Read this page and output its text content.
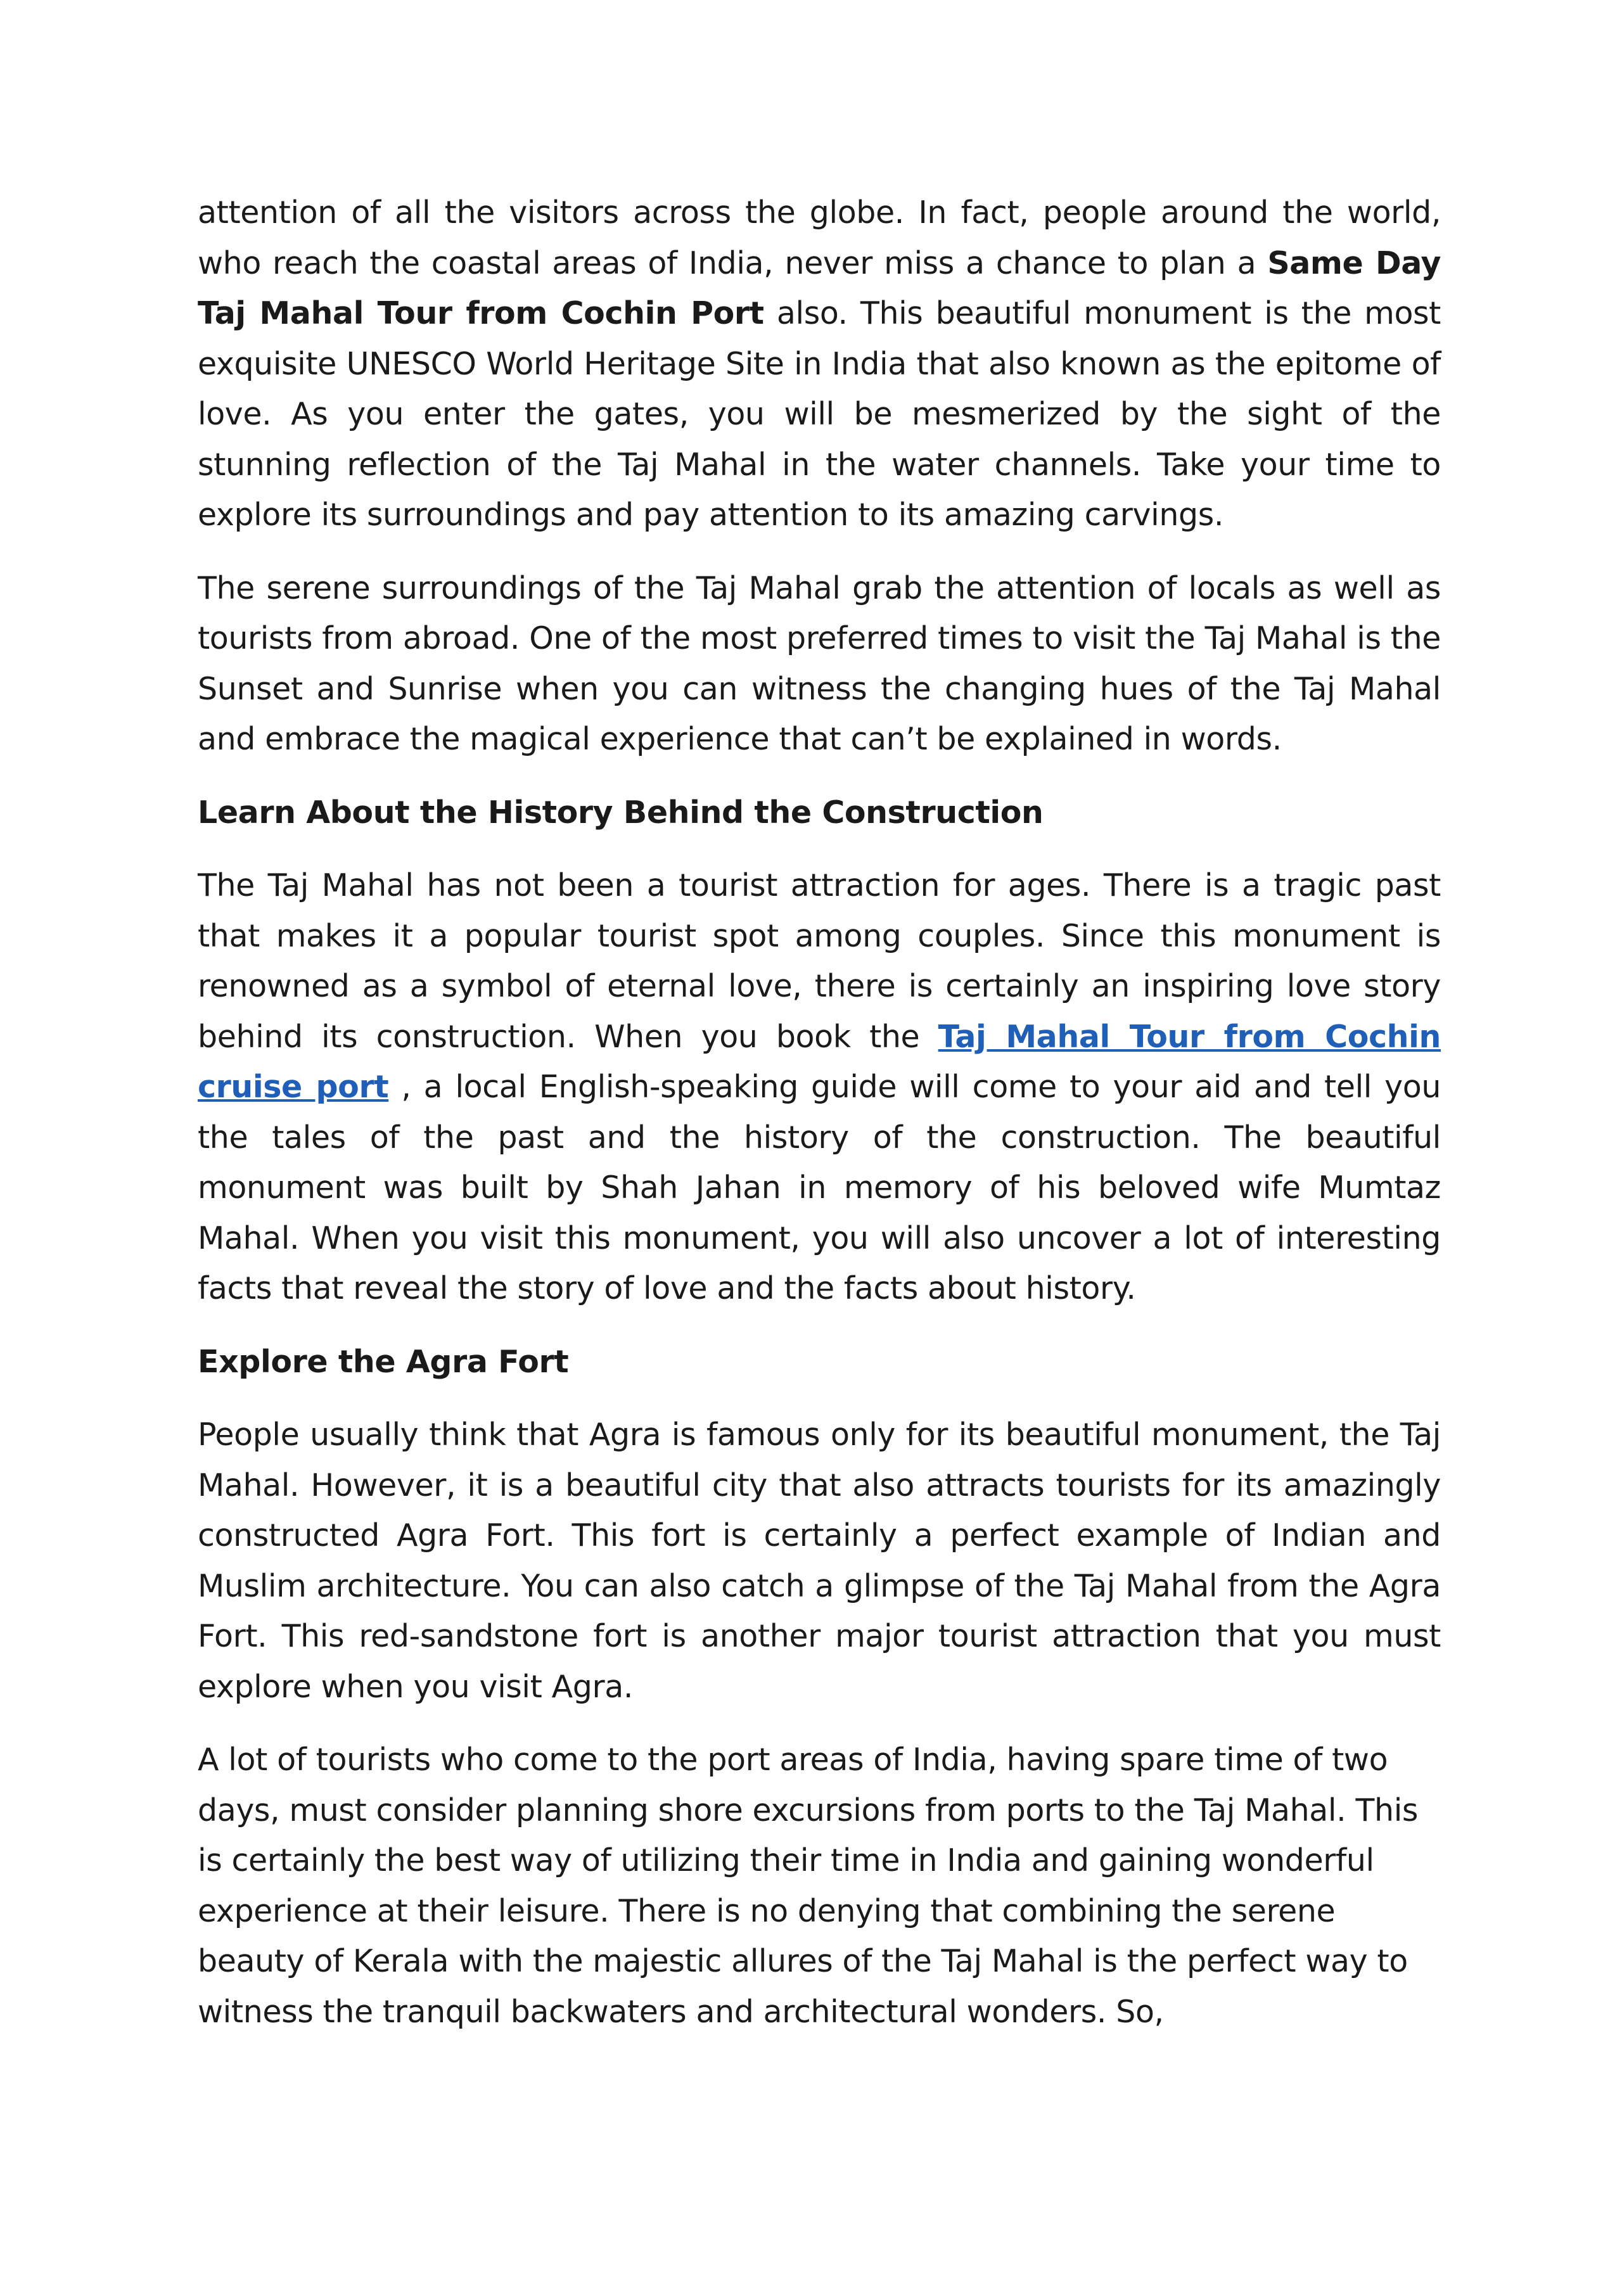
attention of all the visitors across the globe. In fact, people around the world, who reach the coastal areas of India, never miss a chance to plan a Same Day Taj Mahal Tour from Cochin Port also. This beautiful monument is the most exquisite UNESCO World Heritage Site in India that also known as the epitome of love. As you enter the gates, you will be mesmerized by the sight of the stunning reflection of the Taj Mahal in the water channels. Take your time to explore its surroundings and pay attention to its amazing carvings.

The serene surroundings of the Taj Mahal grab the attention of locals as well as tourists from abroad. One of the most preferred times to visit the Taj Mahal is the Sunset and Sunrise when you can witness the changing hues of the Taj Mahal and embrace the magical experience that can’t be explained in words.

Learn About the History Behind the Construction

The Taj Mahal has not been a tourist attraction for ages. There is a tragic past that makes it a popular tourist spot among couples. Since this monument is renowned as a symbol of eternal love, there is certainly an inspiring love story behind its construction. When you book the Taj Mahal Tour from Cochin cruise port , a local English-speaking guide will come to your aid and tell you the tales of the past and the history of the construction. The beautiful monument was built by Shah Jahan in memory of his beloved wife Mumtaz Mahal. When you visit this monument, you will also uncover a lot of interesting facts that reveal the story of love and the facts about history.

Explore the Agra Fort

People usually think that Agra is famous only for its beautiful monument, the Taj Mahal. However, it is a beautiful city that also attracts tourists for its amazingly constructed Agra Fort. This fort is certainly a perfect example of Indian and Muslim architecture. You can also catch a glimpse of the Taj Mahal from the Agra Fort. This red-sandstone fort is another major tourist attraction that you must explore when you visit Agra.

A lot of tourists who come to the port areas of India, having spare time of two days, must consider planning shore excursions from ports to the Taj Mahal. This is certainly the best way of utilizing their time in India and gaining wonderful experience at their leisure. There is no denying that combining the serene beauty of Kerala with the majestic allures of the Taj Mahal is the perfect way to witness the tranquil backwaters and architectural wonders. So,
